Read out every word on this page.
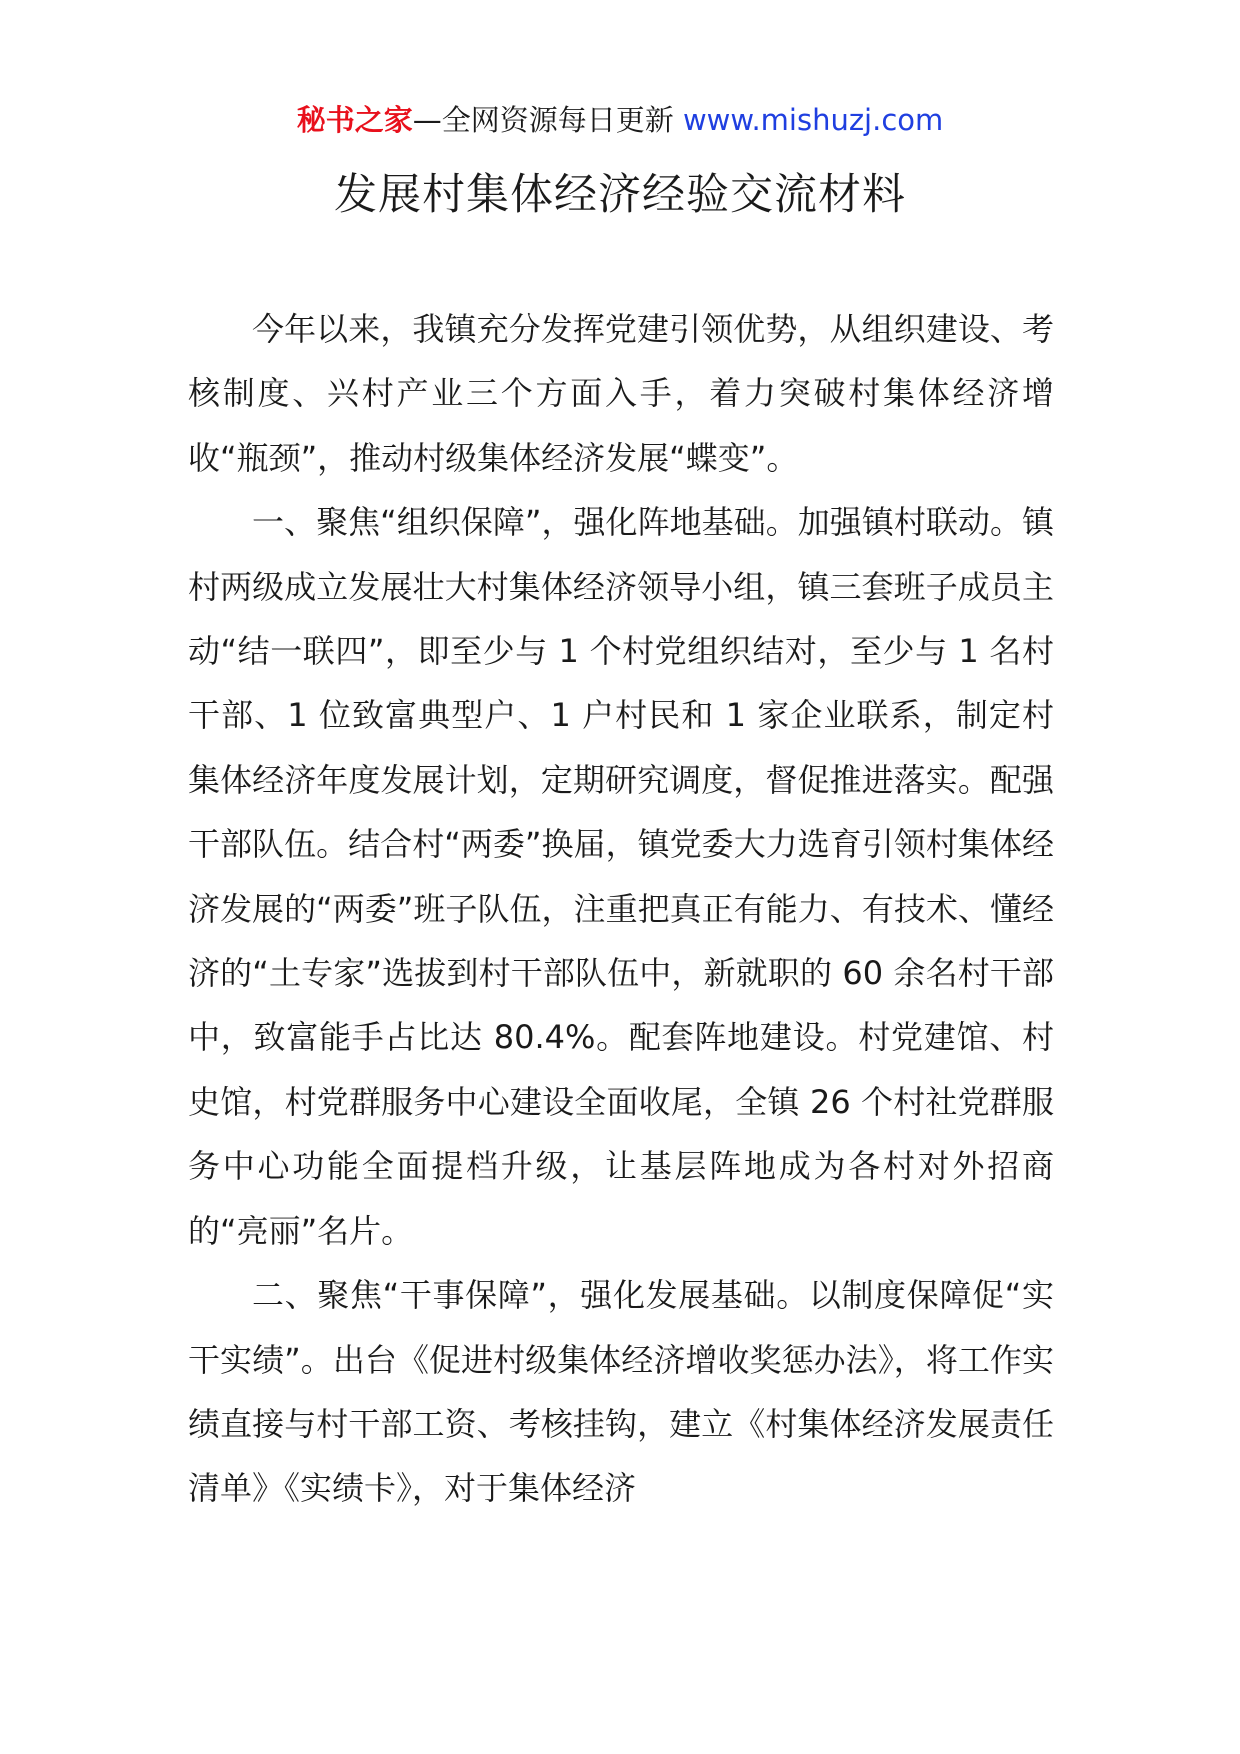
秘书之家—全网资源每日更新 www.mishuzj.com
发展村集体经济经验交流材料

今年以来，我镇充分发挥党建引领优势，从组织建设、考核制度、兴村产业三个方面入手，着力突破村集体经济增收“瓶颈”，推动村级集体经济发展“蝶变”。

一、聚焦“组织保障”，强化阵地基础。加强镇村联动。镇村两级成立发展壮大村集体经济领导小组，镇三套班子成员主动“结一联四”，即至少与 1 个村党组织结对，至少与 1 名村干部、1 位致富典型户、1 户村民和 1 家企业联系，制定村集体经济年度发展计划，定期研究调度，督促推进落实。配强干部队伍。结合村“两委”换届，镇党委大力选育引领村集体经济发展的“两委”班子队伍，注重把真正有能力、有技术、懂经济的“土专家”选拔到村干部队伍中，新就职的 60 余名村干部中，致富能手占比达 80.4%。配套阵地建设。村党建馆、村史馆，村党群服务中心建设全面收尾，全镇 26 个村社党群服务中心功能全面提档升级，让基层阵地成为各村对外招商的“亮丽”名片。

二、聚焦“干事保障”，强化发展基础。以制度保障促“实干实绩”。出台《促进村级集体经济增收奖惩办法》，将工作实绩直接与村干部工资、考核挂钩，建立《村集体经济发展责任清单》《实绩卡》，对于集体经济
